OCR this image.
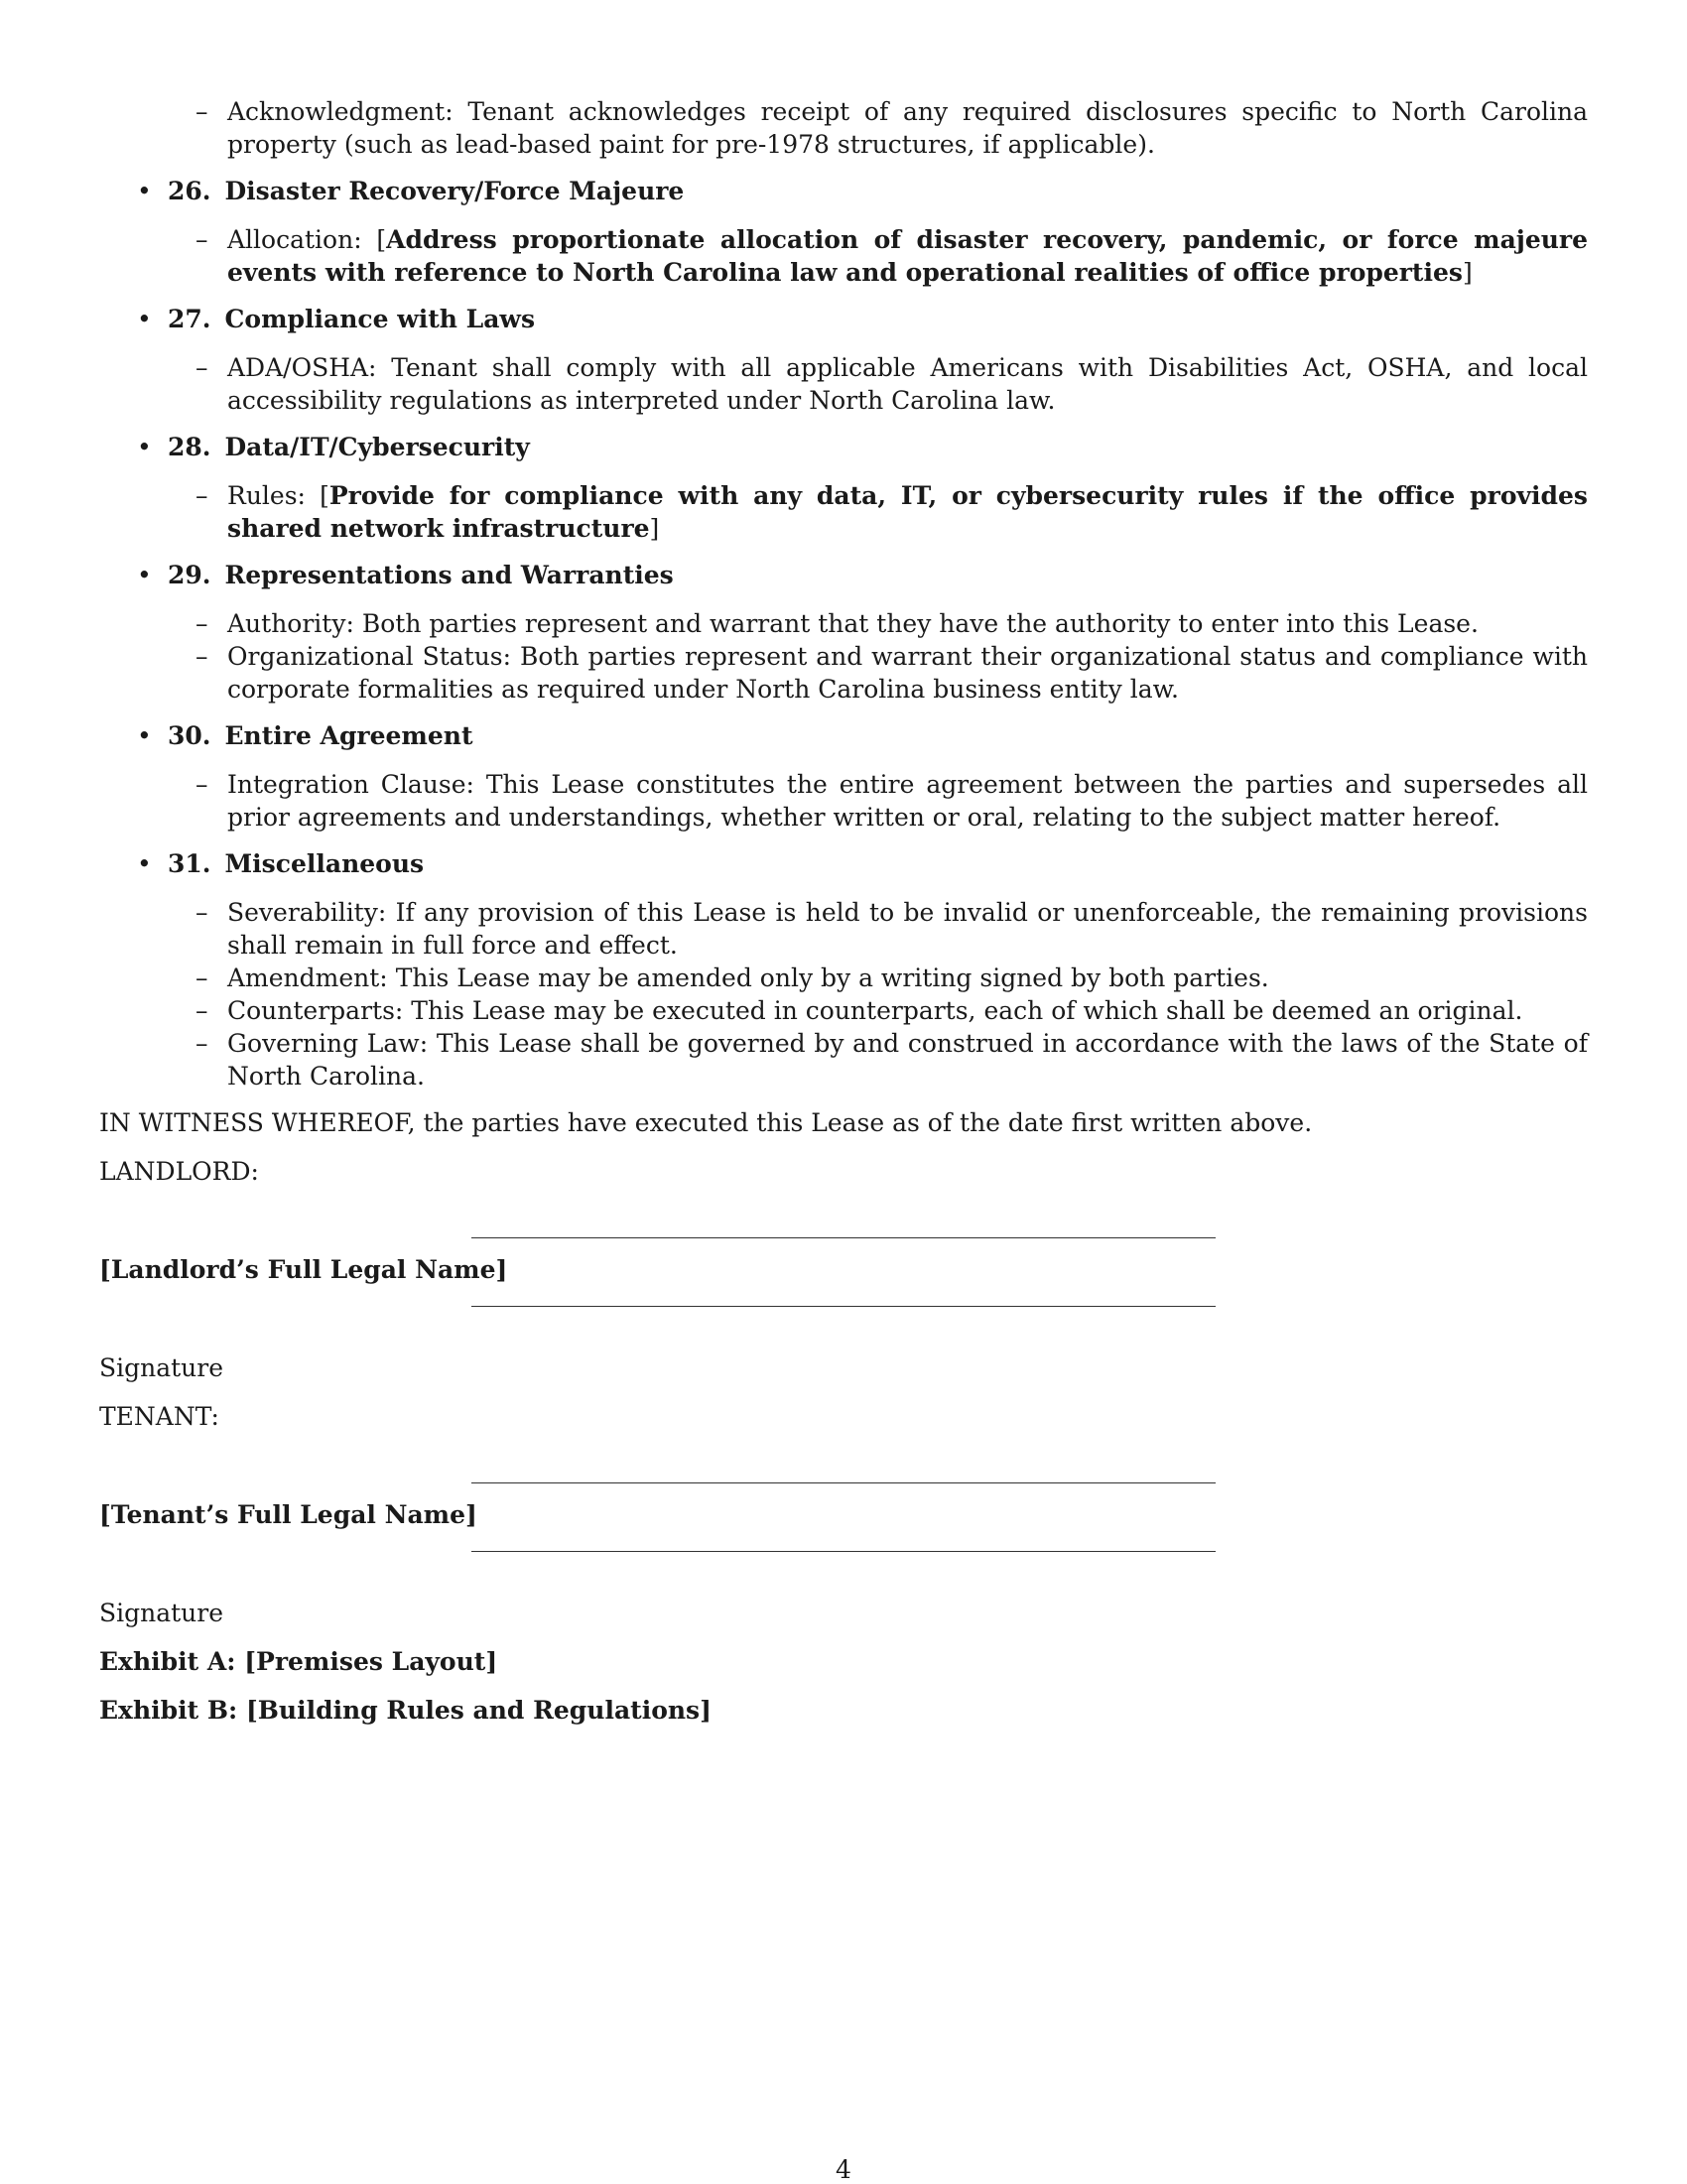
– Acknowledgment: Tenant acknowledges receipt of any required disclosures specific to North Carolina property (such as lead-based paint for pre-1978 structures, if applicable).
• 26. Disaster Recovery/Force Majeure
– Allocation: [Address proportionate allocation of disaster recovery, pandemic, or force majeure events with reference to North Carolina law and operational realities of office properties]
• 27. Compliance with Laws
– ADA/OSHA: Tenant shall comply with all applicable Americans with Disabilities Act, OSHA, and local accessibility regulations as interpreted under North Carolina law.
• 28. Data/IT/Cybersecurity
– Rules: [Provide for compliance with any data, IT, or cybersecurity rules if the office provides shared network infrastructure]
• 29. Representations and Warranties
– Authority: Both parties represent and warrant that they have the authority to enter into this Lease.
– Organizational Status: Both parties represent and warrant their organizational status and compliance with corporate formalities as required under North Carolina business entity law.
• 30. Entire Agreement
– Integration Clause: This Lease constitutes the entire agreement between the parties and supersedes all prior agreements and understandings, whether written or oral, relating to the subject matter hereof.
• 31. Miscellaneous
– Severability: If any provision of this Lease is held to be invalid or unenforceable, the remaining provisions shall remain in full force and effect.
– Amendment: This Lease may be amended only by a writing signed by both parties.
– Counterparts: This Lease may be executed in counterparts, each of which shall be deemed an original.
– Governing Law: This Lease shall be governed by and construed in accordance with the laws of the State of North Carolina.
IN WITNESS WHEREOF, the parties have executed this Lease as of the date first written above.
LANDLORD:
[Landlord’s Full Legal Name]
Signature
TENANT:
[Tenant’s Full Legal Name]
Signature
Exhibit A: [Premises Layout]
Exhibit B: [Building Rules and Regulations]
4
